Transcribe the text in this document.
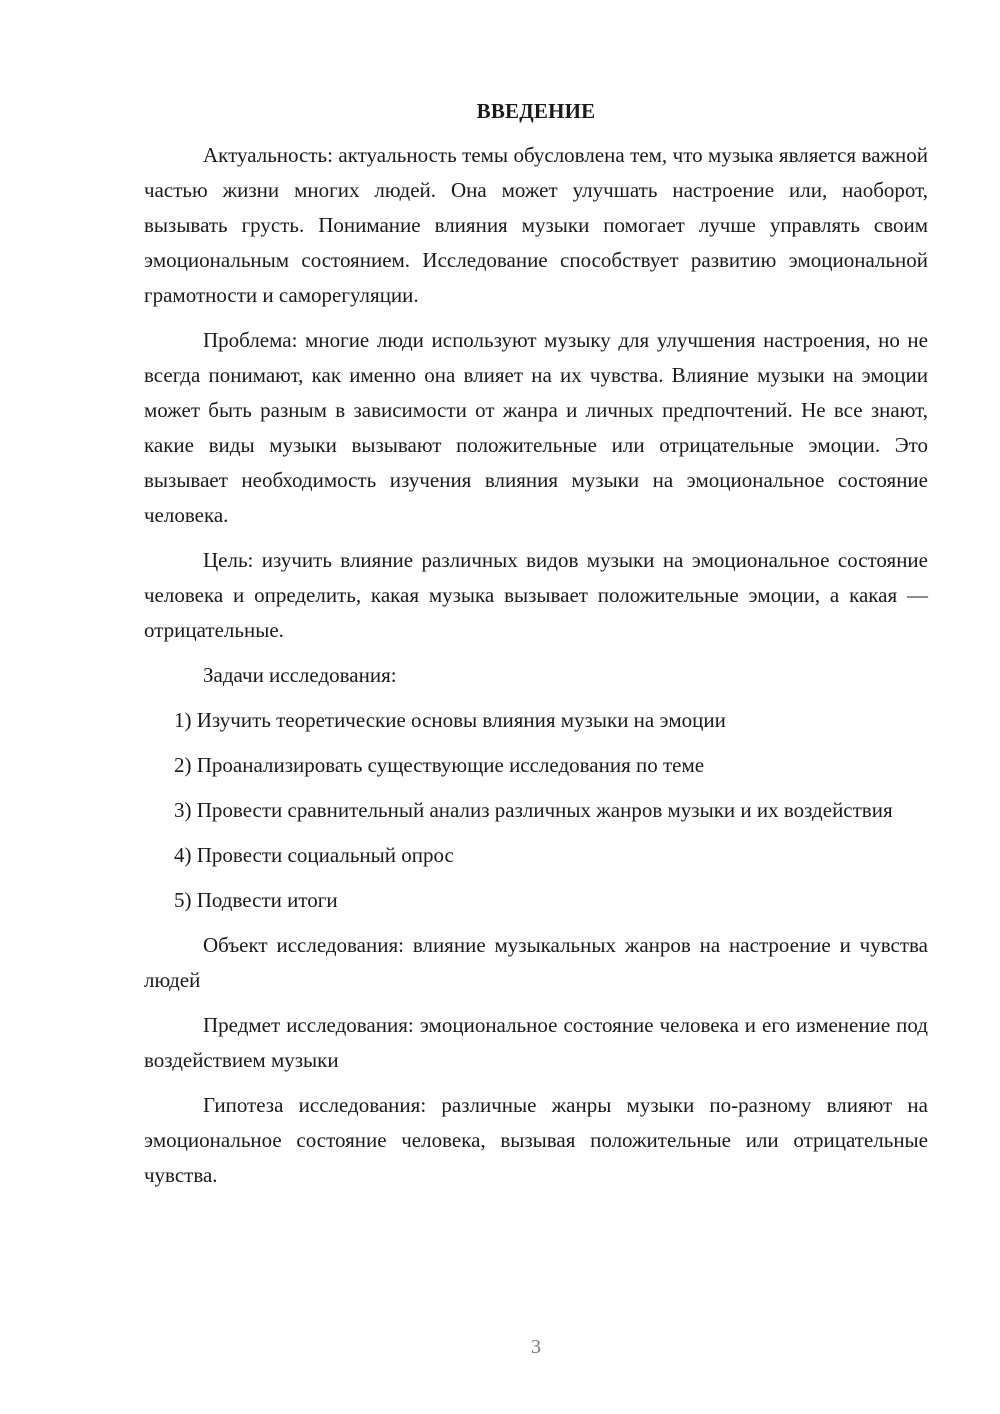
ВВЕДЕНИЕ

Актуальность: актуальность темы обусловлена тем, что музыка является важной частью жизни многих людей. Она может улучшать настроение или, наоборот, вызывать грусть. Понимание влияния музыки помогает лучше управлять своим эмоциональным состоянием. Исследование способствует развитию эмоциональной грамотности и саморегуляции.

Проблема: многие люди используют музыку для улучшения настроения, но не всегда понимают, как именно она влияет на их чувства. Влияние музыки на эмоции может быть разным в зависимости от жанра и личных предпочтений. Не все знают, какие виды музыки вызывают положительные или отрицательные эмоции. Это вызывает необходимость изучения влияния музыки на эмоциональное состояние человека.

Цель: изучить влияние различных видов музыки на эмоциональное состояние человека и определить, какая музыка вызывает положительные эмоции, а какая — отрицательные.

Задачи исследования:

1) Изучить теоретические основы влияния музыки на эмоции

2) Проанализировать существующие исследования по теме

3) Провести сравнительный анализ различных жанров музыки и их воздействия

4) Провести социальный опрос

5) Подвести итоги

Объект исследования: влияние музыкальных жанров на настроение и чувства людей

Предмет исследования: эмоциональное состояние человека и его изменение под воздействием музыки

Гипотеза исследования: различные жанры музыки по-разному влияют на эмоциональное состояние человека, вызывая положительные или отрицательные чувства.

3
